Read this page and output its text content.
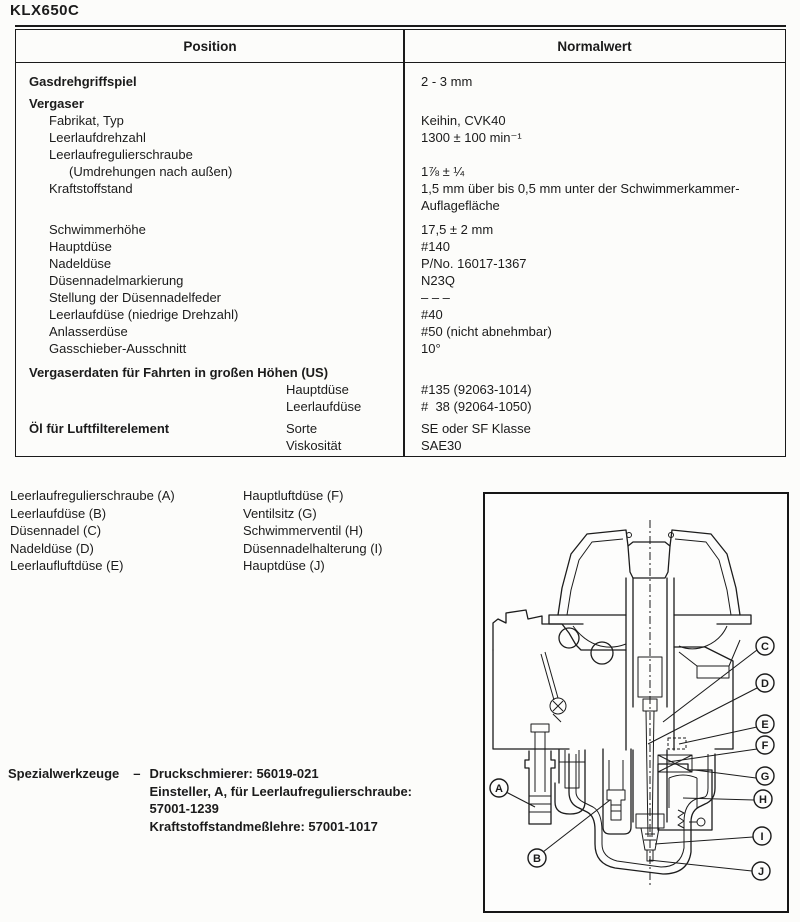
KLX650C
Position	Normalwert
Gasdrehgriffspiel	2 - 3 mm
Vergaser
Fabrikat, Typ	Keihin, CVK40
Leerlaufdrehzahl	1300 ± 100 min⁻¹
Leerlaufregulierschraube
(Umdrehungen nach außen)	1⅞ ± ¼
Kraftstoffstand	1,5 mm über bis 0,5 mm unter der Schwimmerkammer-
Auflagefläche
Schwimmerhöhe	17,5 ± 2 mm
Hauptdüse	#140
Nadeldüse	P/No. 16017-1367
Düsennadelmarkierung	N23Q
Stellung der Düsennadelfeder	– – –
Leerlaufdüse (niedrige Drehzahl)	#40
Anlasserdüse	#50 (nicht abnehmbar)
Gasschieber-Ausschnitt	10°
Vergaserdaten für Fahrten in großen Höhen (US)
Hauptdüse	#135 (92063-1014)
Leerlaufdüse	#  38 (92064-1050)
Öl für Luftfilterelement	Sorte	SE oder SF Klasse
Viskosität	SAE30
Leerlaufregulierschraube (A)
Leerlaufdüse (B)
Düsennadel (C)
Nadeldüse (D)
Leerlaufluftdüse (E)
Hauptluftdüse (F)
Ventilsitz (G)
Schwimmerventil (H)
Düsennadelhalterung (I)
Hauptdüse (J)
Spezialwerkzeuge – Druckschmierer: 56019-021
Einsteller, A, für Leerlaufregulierschraube:
57001-1239
Kraftstoffstandmeßlehre: 57001-1017
A
B
C
D
E
F
G
H
I
J
